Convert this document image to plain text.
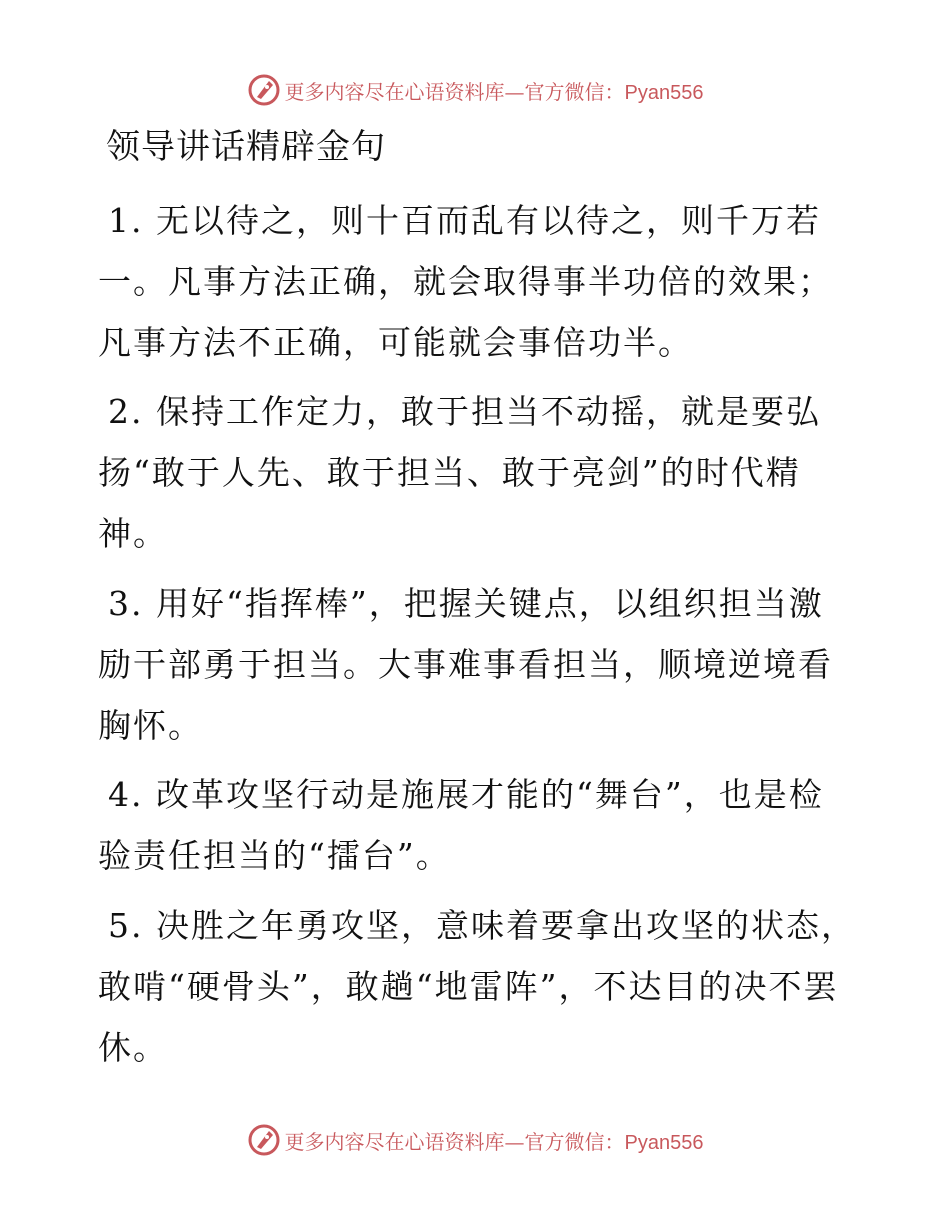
更多内容尽在心语资料库—官方微信：Pyan556
领导讲话精辟金句
1. 无以待之，则十百而乱有以待之，则千万若一。凡事方法正确，就会取得事半功倍的效果；凡事方法不正确，可能就会事倍功半。
2. 保持工作定力，敢于担当不动摇，就是要弘扬“敢于人先、敢于担当、敢于亮剑”的时代精神。
3. 用好“指挥棒”，把握关键点，以组织担当激励干部勇于担当。大事难事看担当，顺境逆境看胸怀。
4. 改革攻坚行动是施展才能的“舞台”，也是检验责任担当的“擂台”。
5. 决胜之年勇攻坚，意味着要拿出攻坚的状态，敢啃“硬骨头”，敢趟“地雷阵”，不达目的决不罢休。
更多内容尽在心语资料库—官方微信：Pyan556
